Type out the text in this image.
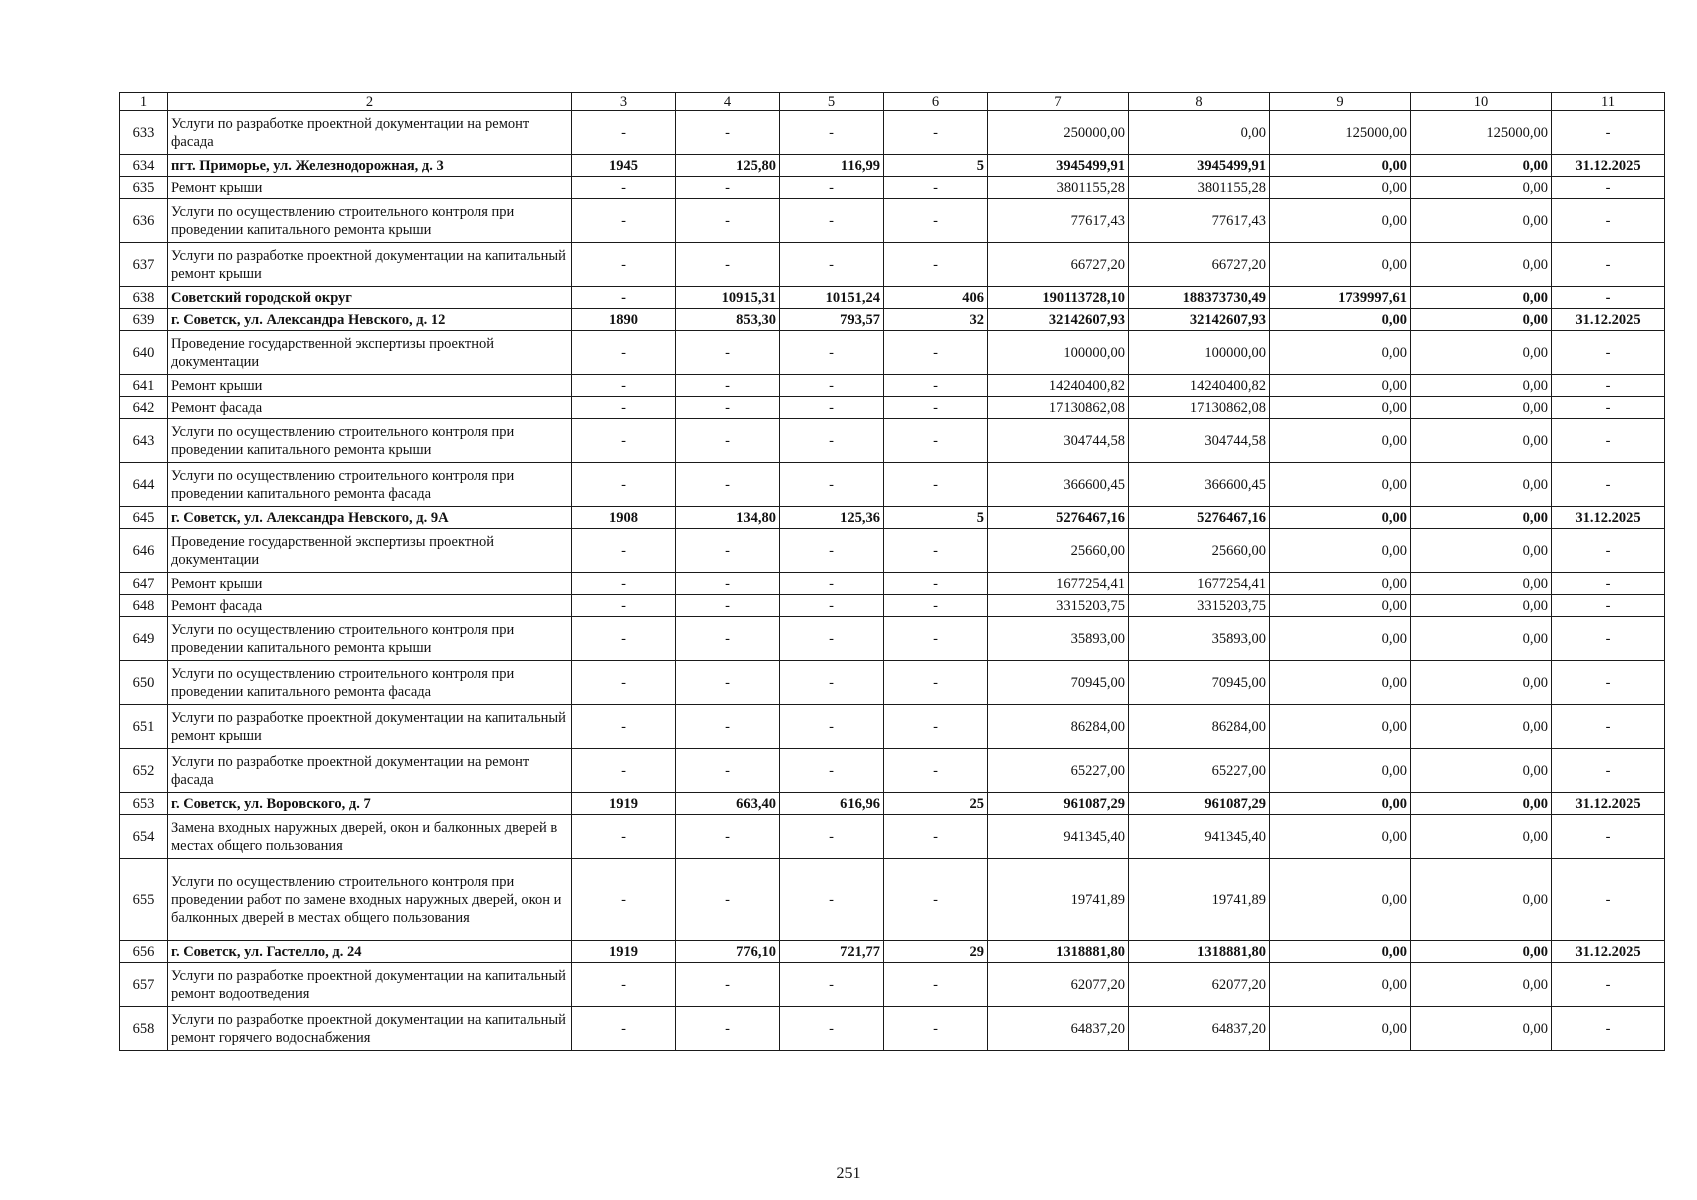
1	2	3	4	5	6	7	8	9	10	11
633	Услуги по разработке проектной документации на ремонт фасада	-	-	-	-	250000,00	0,00	125000,00	125000,00	-
634	пгт. Приморье, ул. Железнодорожная, д. 3	1945	125,80	116,99	5	3945499,91	3945499,91	0,00	0,00	31.12.2025
635	Ремонт крыши	-	-	-	-	3801155,28	3801155,28	0,00	0,00	-
636	Услуги по осуществлению строительного контроля при проведении капитального ремонта крыши	-	-	-	-	77617,43	77617,43	0,00	0,00	-
637	Услуги по разработке проектной документации на капитальный ремонт крыши	-	-	-	-	66727,20	66727,20	0,00	0,00	-
638	Советский городской округ	-	10915,31	10151,24	406	190113728,10	188373730,49	1739997,61	0,00	-
639	г. Советск, ул. Александра Невского, д. 12	1890	853,30	793,57	32	32142607,93	32142607,93	0,00	0,00	31.12.2025
640	Проведение государственной экспертизы проектной документации	-	-	-	-	100000,00	100000,00	0,00	0,00	-
641	Ремонт крыши	-	-	-	-	14240400,82	14240400,82	0,00	0,00	-
642	Ремонт фасада	-	-	-	-	17130862,08	17130862,08	0,00	0,00	-
643	Услуги по осуществлению строительного контроля при проведении капитального ремонта крыши	-	-	-	-	304744,58	304744,58	0,00	0,00	-
644	Услуги по осуществлению строительного контроля при проведении капитального ремонта фасада	-	-	-	-	366600,45	366600,45	0,00	0,00	-
645	г. Советск, ул. Александра Невского, д. 9А	1908	134,80	125,36	5	5276467,16	5276467,16	0,00	0,00	31.12.2025
646	Проведение государственной экспертизы проектной документации	-	-	-	-	25660,00	25660,00	0,00	0,00	-
647	Ремонт крыши	-	-	-	-	1677254,41	1677254,41	0,00	0,00	-
648	Ремонт фасада	-	-	-	-	3315203,75	3315203,75	0,00	0,00	-
649	Услуги по осуществлению строительного контроля при проведении капитального ремонта крыши	-	-	-	-	35893,00	35893,00	0,00	0,00	-
650	Услуги по осуществлению строительного контроля при проведении капитального ремонта фасада	-	-	-	-	70945,00	70945,00	0,00	0,00	-
651	Услуги по разработке проектной документации на капитальный ремонт крыши	-	-	-	-	86284,00	86284,00	0,00	0,00	-
652	Услуги по разработке проектной документации на ремонт фасада	-	-	-	-	65227,00	65227,00	0,00	0,00	-
653	г. Советск, ул. Воровского, д. 7	1919	663,40	616,96	25	961087,29	961087,29	0,00	0,00	31.12.2025
654	Замена входных наружных дверей, окон и балконных дверей в местах общего пользования	-	-	-	-	941345,40	941345,40	0,00	0,00	-
655	Услуги по осуществлению строительного контроля при проведении работ по замене входных наружных дверей, окон и балконных дверей в местах общего пользования	-	-	-	-	19741,89	19741,89	0,00	0,00	-
656	г. Советск, ул. Гастелло, д. 24	1919	776,10	721,77	29	1318881,80	1318881,80	0,00	0,00	31.12.2025
657	Услуги по разработке проектной документации на капитальный ремонт водоотведения	-	-	-	-	62077,20	62077,20	0,00	0,00	-
658	Услуги по разработке проектной документации на капитальный ремонт горячего водоснабжения	-	-	-	-	64837,20	64837,20	0,00	0,00	-
251
